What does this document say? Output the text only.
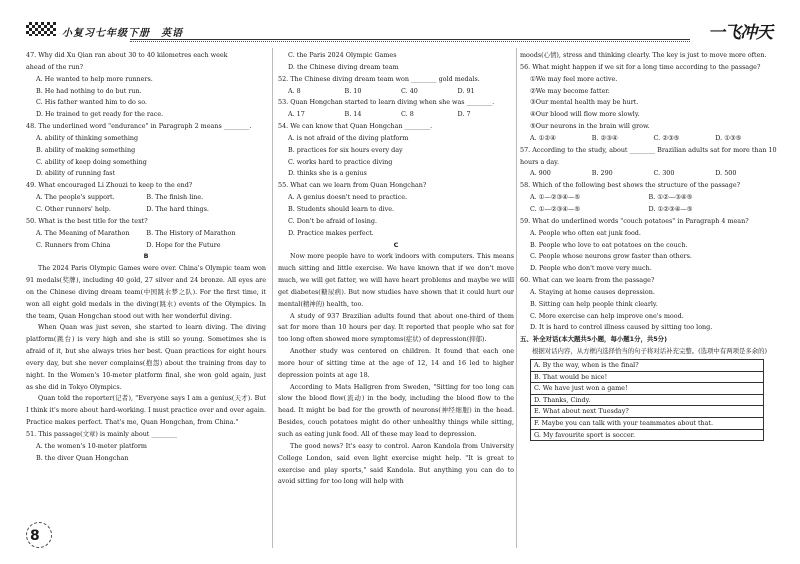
小复习七年级下册　英语	一飞冲天

47. Why did Xu Qian ran about 30 to 40 kilometres each week

ahead of the run?

A. He wanted to help more runners.

B. He had nothing to do but run.

C. His father wanted him to do so.

D. He trained to get ready for the race.

48. The underlined word "endurance" in Paragraph 2 means ________.

A. ability of thinking something

B. ability of making something

C. ability of keep doing something

D. ability of running fast

49. What encouraged Li Zhouzi to keep to the end?

A. The people's support.	B. The finish line.

C. Other runners' help.	D. The hard things.

50. What is the best title for the text?

A. The Meaning of Marathon	B. The History of Marathon

C. Runners from China	D. Hope for the Future

B

The 2024 Paris Olympic Games were over. China's Olympic team won 91 medals(奖牌), including 40 gold, 27 silver and 24 bronze. All eyes are on the Chinese diving dream team(中国跳水梦之队). For the first time, it won all eight gold medals in the diving(跳水) events of the Olympics. In the team, Quan Hongchan stood out with her wonderful diving.

When Quan was just seven, she started to learn diving. The diving platform(跳台) is very high and she is still so young. Sometimes she is afraid of it, but she always tries her best. Quan practices for eight hours every day, but she never complains(抱怨) about the training from day to night. In the Women's 10-meter platform final, she won gold again, just as she did in Tokyo Olympics.

Quan told the reporter(记者), "Everyone says I am a genius(天才). But I think it's more about hard-working. I must practice over and over again. Practice makes perfect. That's me, Quan Hongchan, from China."

51. This passage(文章) is mainly about ________

A. the women's 10-meter platform

B. the diver Quan Hongchan

C. the Paris 2024 Olympic Games

D. the Chinese diving dream team

52. The Chinese diving dream team won ________ gold medals.

A. 8	B. 10	C. 40	D. 91

53. Quan Hongchan started to learn diving when she was ________.

A. 17	B. 14	C. 8	D. 7

54. We can know that Quan Hongchan ________.

A. is not afraid of the diving platform

B. practices for six hours every day

C. works hard to practice diving

D. thinks she is a genius

55. What can we learn from Quan Hongchan?

A. A genius doesn't need to practice.

B. Students should learn to dive.

C. Don't be afraid of losing.

D. Practice makes perfect.

C

Now more people have to work indoors with computers. This means much sitting and little exercise. We have known that if we don't move much, we will get fatter, we will have heart problems and maybe we will get diabetes(糖尿病). But now studies have shown that it could hurt our mental(精神的) health, too.

A study of 937 Brazilian adults found that about one-third of them sat for more than 10 hours per day. It reported that people who sat for too long often showed more symptoms(症状) of depression(抑郁).

Another study was centered on children. It found that each one more hour of sitting time at the age of 12, 14 and 16 led to higher depression points at age 18.

According to Mats Hallgren from Sweden, "Sitting for too long can slow the blood flow(流动) in the body, including the blood flow to the head. It might be bad for the growth of neurons(神经细胞) in the head. Besides, couch potatoes might do other unhealthy things while sitting, such as eating junk food. All of these may lead to depression.

The good news? It's easy to control. Aaron Kandola from University College London, said even light exercise might help. "It is great to exercise and play sports," said Kandola. But anything you can do to avoid sitting for too long will help with

moods(心情), stress and thinking clearly. The key is just to move more often.

56. What might happen if we sit for a long time according to the passage?

①We may feel more active.

②We may become fatter.

③Our mental health may be hurt.

④Our blood will flow more slowly.

⑤Our neurons in the brain will grow.

A. ①②④	B. ②③④	C. ②③⑤	D. ①③⑤

57. According to the study, about ________ Brazilian adults sat for more than 10 hours a day.

A. 900	B. 290	C. 300	D. 500

58. Which of the following best shows the structure of the passage?

A. ①—②③④—⑤	B. ①②—③④⑤

C. ①—②③④—⑤	D. ①②③④—⑤

59. What do underlined words "couch potatoes" in Paragraph 4 mean?

A. People who often eat junk food.

B. People who love to eat potatoes on the couch.

C. People whose neurons grow faster than others.

D. People who don't move very much.

60. What can we learn from the passage?

A. Staying at home causes depression.

B. Sitting can help people think clearly.

C. More exercise can help improve one's mood.

D. It is hard to control illness caused by sitting too long.

五、补全对话(本大题共5小题，每小题1分，共5分)

根据对话内容，从方框内选择恰当的句子将对话补充完整。(选项中有两项是多余的)

A. By the way, when is the final?

B. That would be nice!

C. We have just won a game!

D. Thanks, Cindy.

E. What about next Tuesday?

F. Maybe you can talk with your teammates about that.

G. My favourite sport is soccer.

8
